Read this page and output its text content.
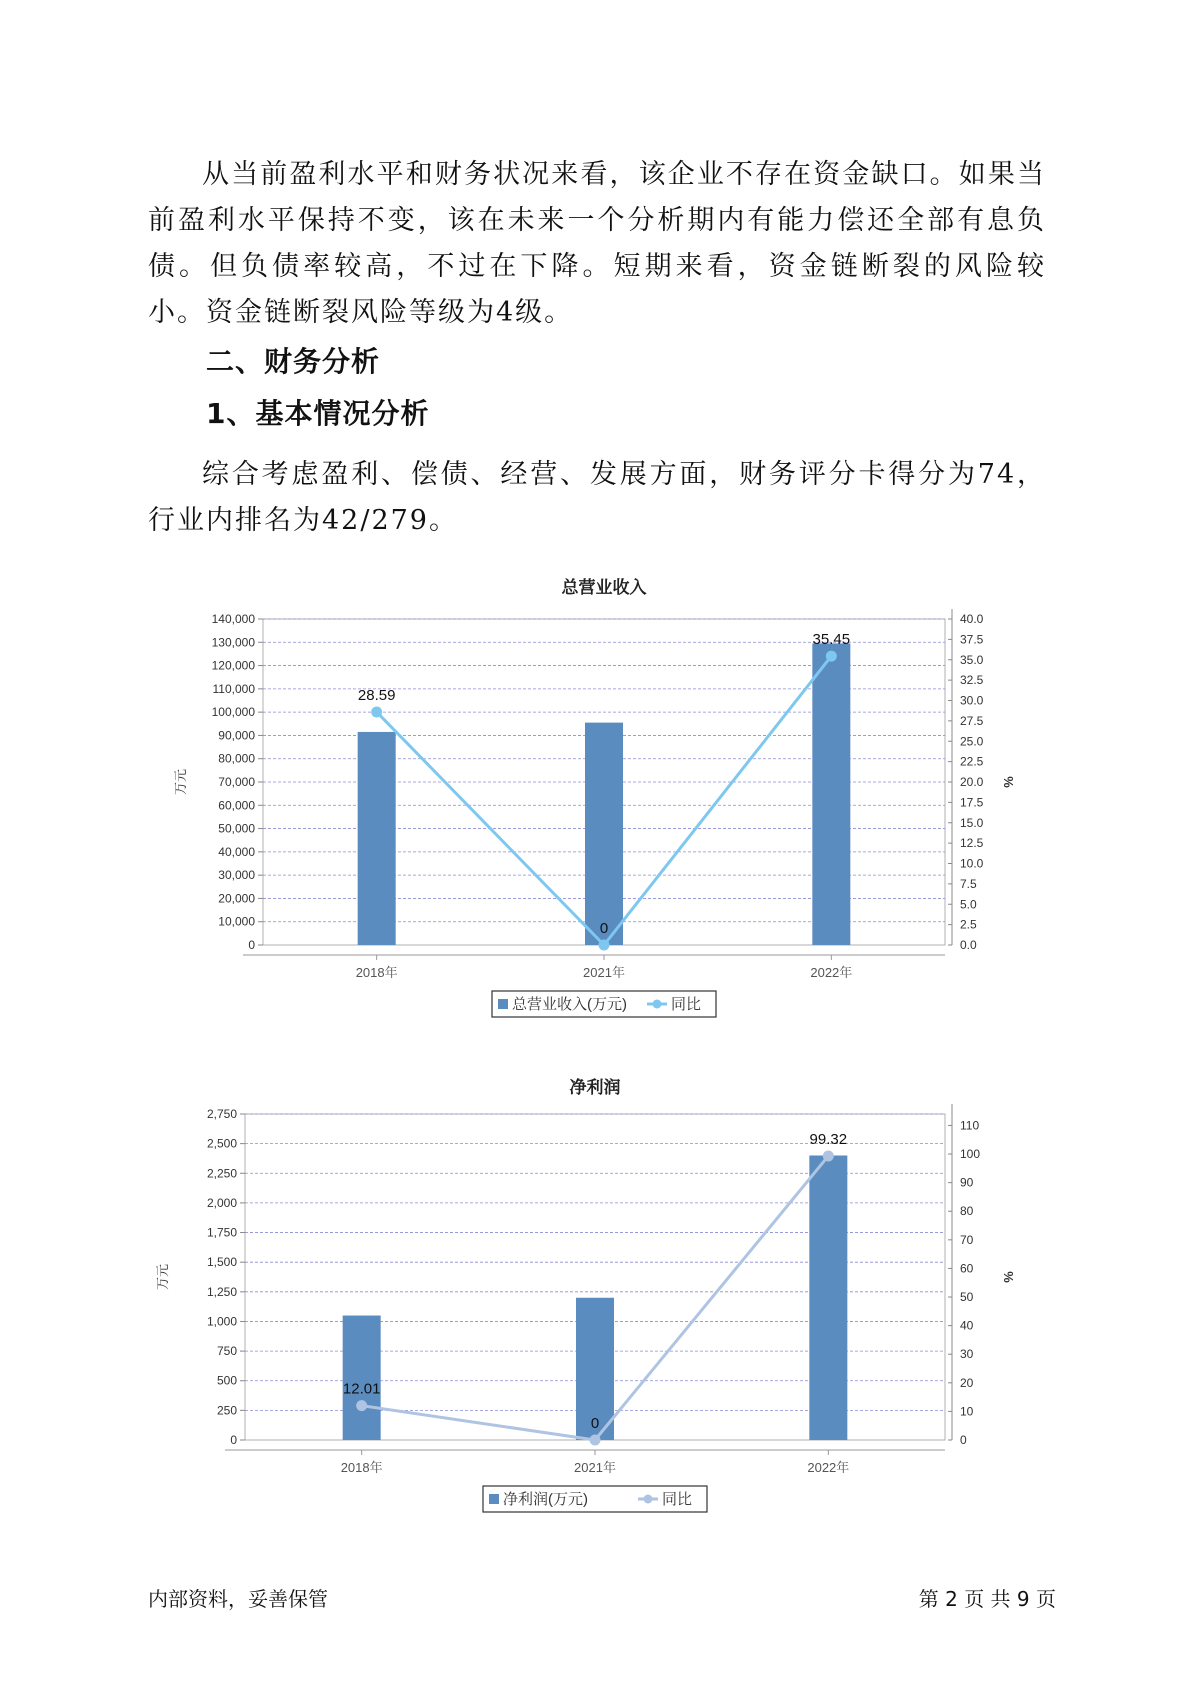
从当前盈利水平和财务状况来看，该企业不存在资金缺口。如果当前盈利水平保持不变，该在未来一个分析期内有能力偿还全部有息负债。但负债率较高，不过在下降。短期来看，资金链断裂的风险较小。资金链断裂风险等级为4级。

二、财务分析
1、基本情况分析

综合考虑盈利、偿债、经营、发展方面，财务评分卡得分为74，行业内排名为42/279。

总营业收入
0
10,000
20,000
30,000
40,000
50,000
60,000
70,000
80,000
90,000
100,000
110,000
120,000
130,000
140,000
0.0
2.5
5.0
7.5
10.0
12.5
15.0
17.5
20.0
22.5
25.0
27.5
30.0
32.5
35.0
37.5
40.0
万元	%
2018年	2021年	2022年
28.59
0
35.45
总营业收入(万元)	同比
净利润
0
250
500
750
1,000
1,250
1,500
1,750
2,000
2,250
2,500
2,750
0
10
20
30
40
50
60
70
80
90
100
110
万元	%
2018年	2021年	2022年
12.01
0
99.32
净利润(万元)	同比
内部资料，妥善保管	第 2 页 共 9 页
